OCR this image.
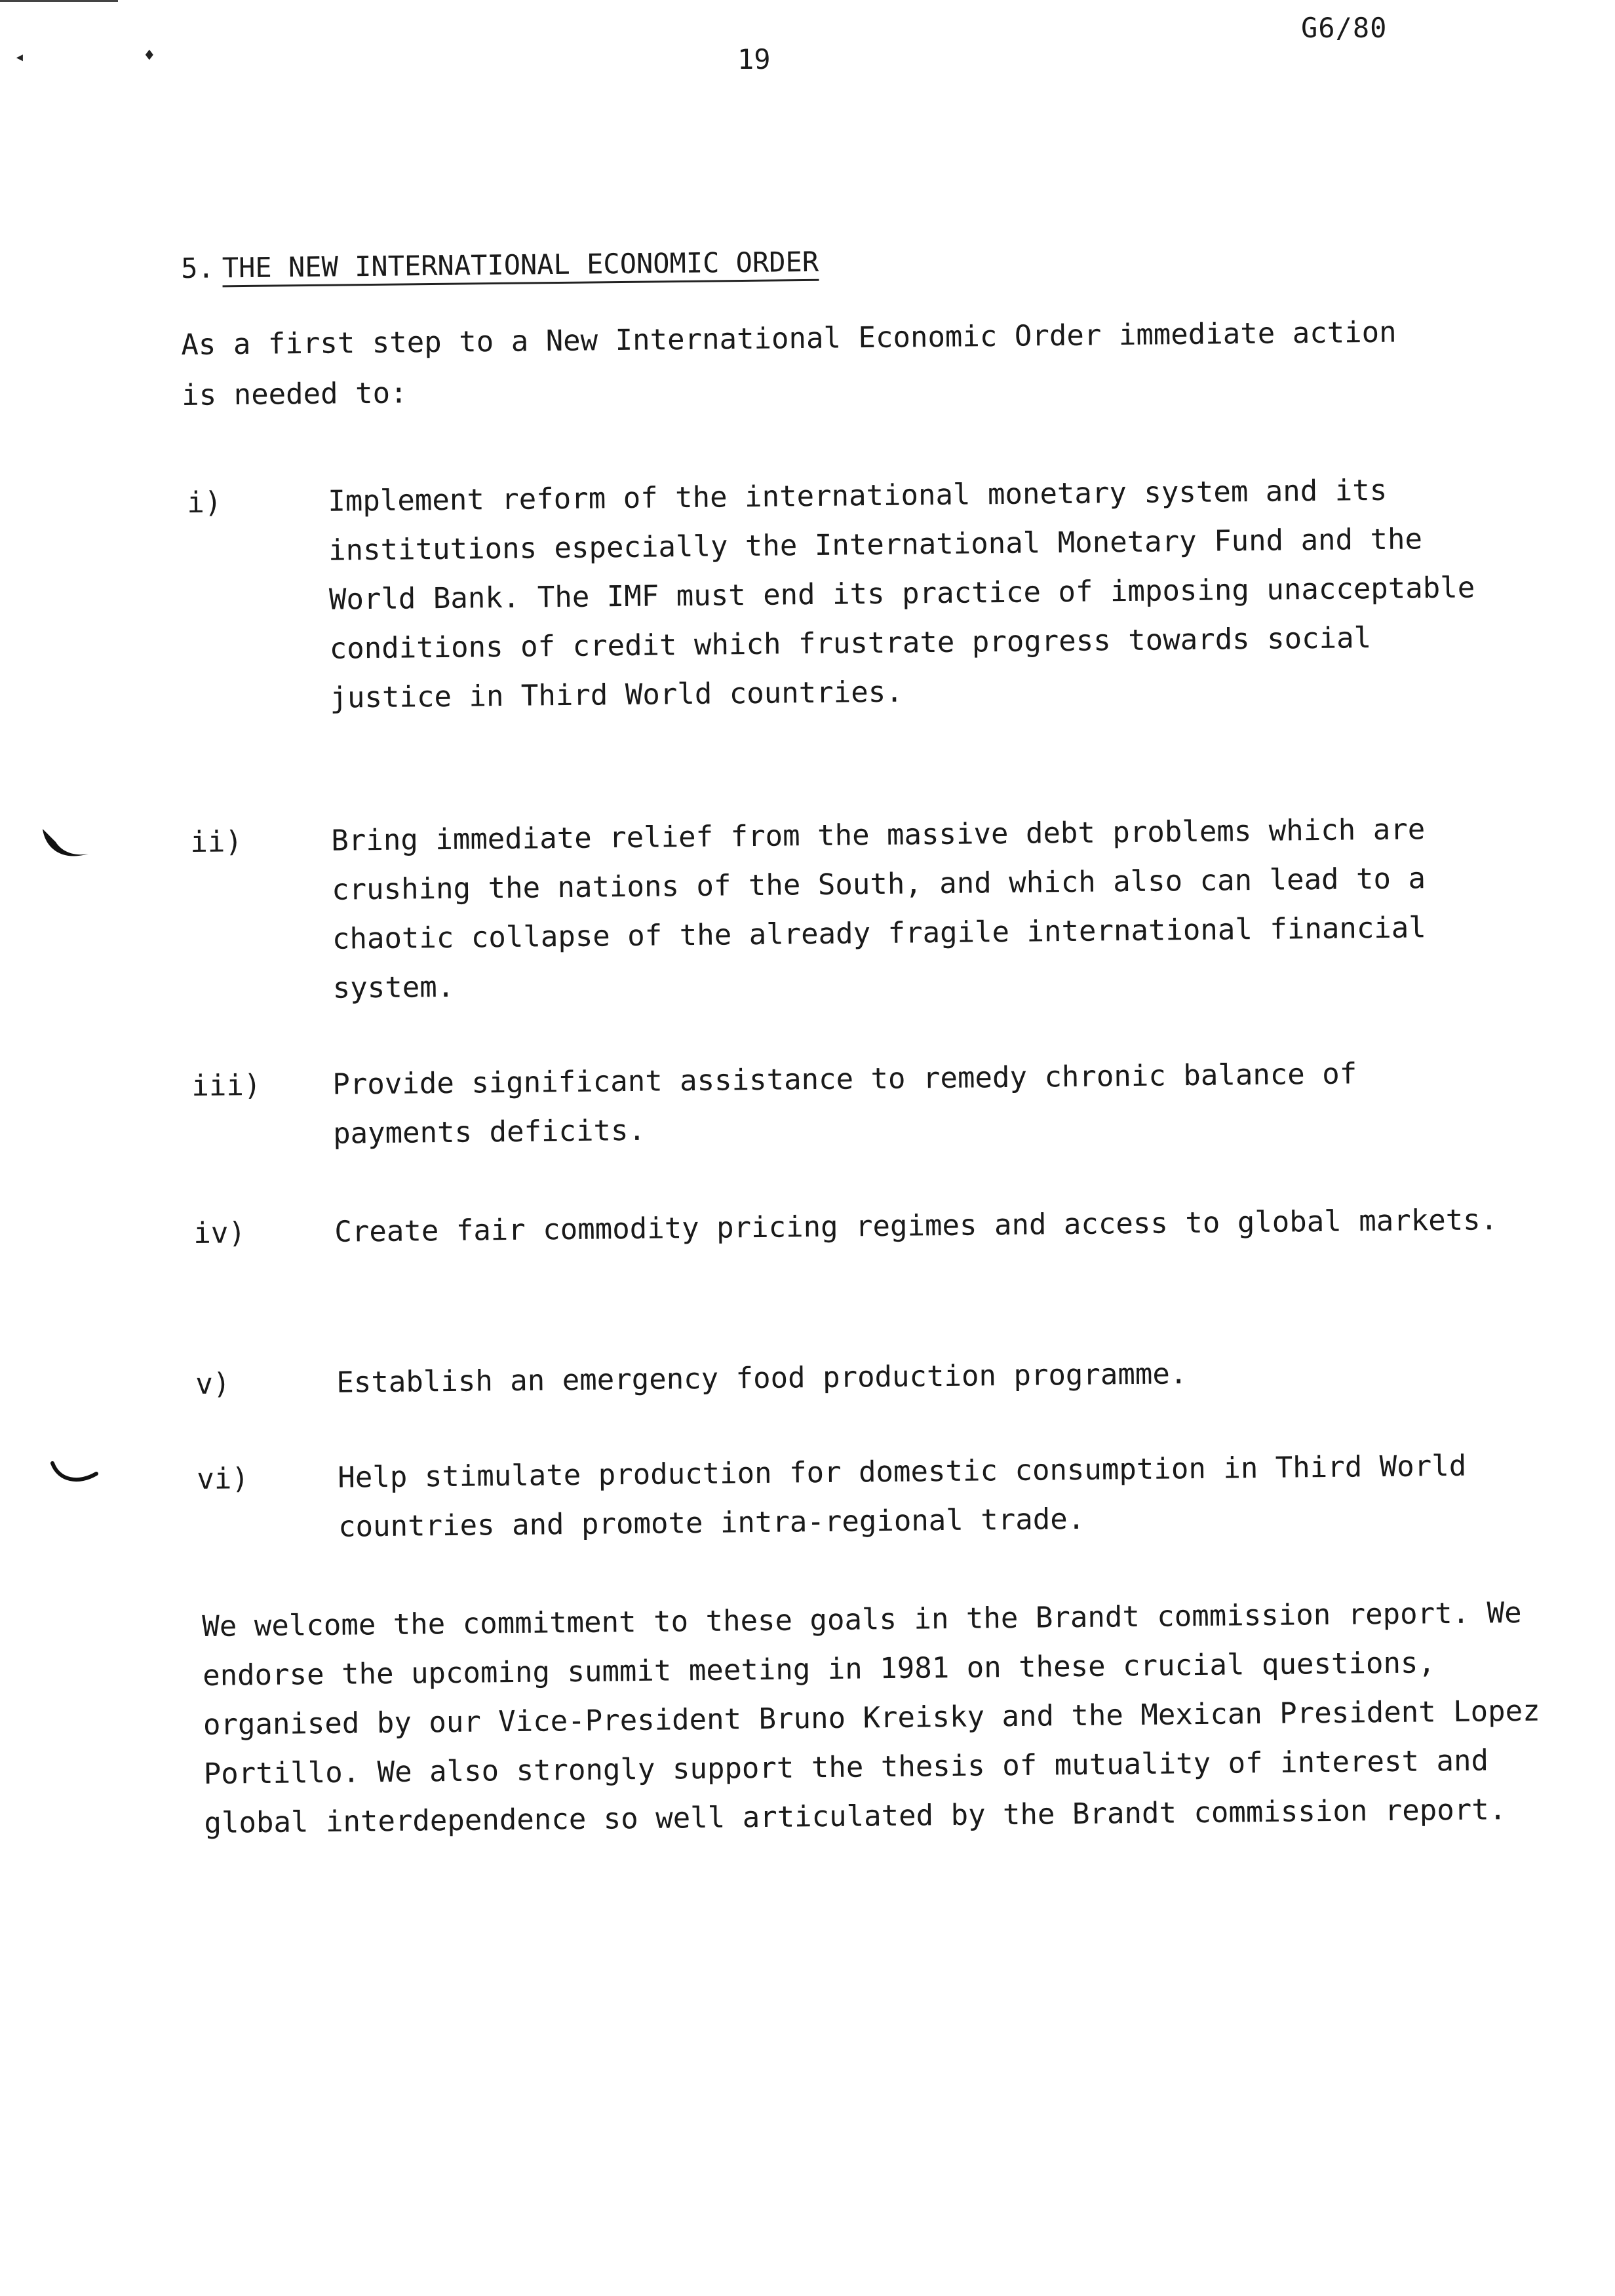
◂	♦
G6/80
19
5. THE NEW INTERNATIONAL ECONOMIC ORDER
As a first step to a New International Economic Order immediate action is needed to:
i)	Implement reform of the international monetary system and its institutions especially the International Monetary Fund and the World Bank. The IMF must end its practice of imposing unacceptable conditions of credit which frustrate progress towards social justice in Third World countries.
ii)	Bring immediate relief from the massive debt problems which are crushing the nations of the South, and which also can lead to a chaotic collapse of the already fragile international financial system.
iii)	Provide significant assistance to remedy chronic balance of payments deficits.
iv)	Create fair commodity pricing regimes and access to global markets.
v)	Establish an emergency food production programme.
vi)	Help stimulate production for domestic consumption in Third World countries and promote intra-regional trade.
We welcome the commitment to these goals in the Brandt commission report. We endorse the upcoming summit meeting in 1981 on these crucial questions, organised by our Vice-President Bruno Kreisky and the Mexican President Lopez Portillo. We also strongly support the thesis of mutuality of interest and global interdependence so well articulated by the Brandt commission report.
